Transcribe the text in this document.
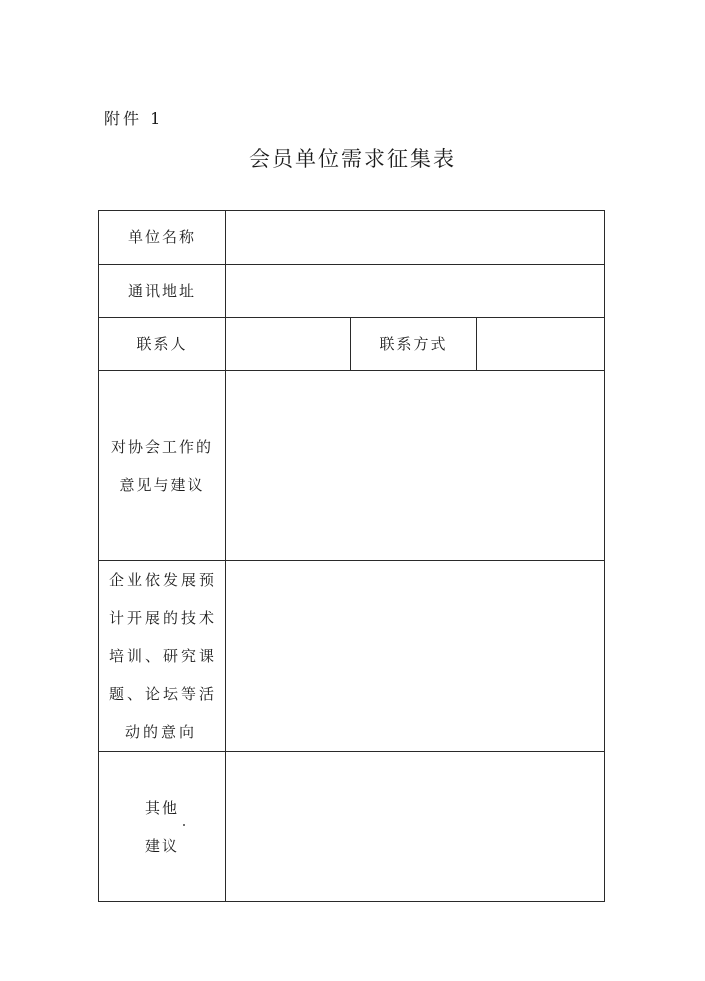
附件 1
会员单位需求征集表
单位名称			
通讯地址			
联系人		联系方式	

对协会工作的
意见与建议			

企业依发展预
计开展的技术
培训、研究课
题、论坛等活
动的意向			

其他
建议			
